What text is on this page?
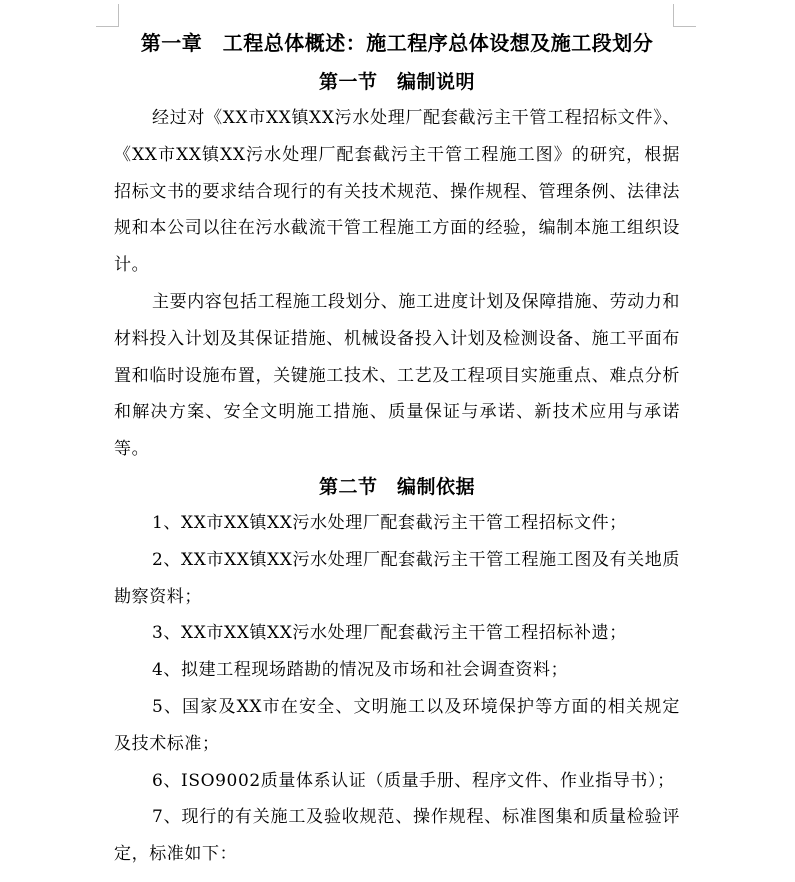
第一章　工程总体概述：施工程序总体设想及施工段划分
第一节　编制说明

经过对《XX市XX镇XX污水处理厂配套截污主干管工程招标文件》、《XX市XX镇XX污水处理厂配套截污主干管工程施工图》的研究，根据招标文书的要求结合现行的有关技术规范、操作规程、管理条例、法律法规和本公司以往在污水截流干管工程施工方面的经验，编制本施工组织设计。

主要内容包括工程施工段划分、施工进度计划及保障措施、劳动力和材料投入计划及其保证措施、机械设备投入计划及检测设备、施工平面布置和临时设施布置，关键施工技术、工艺及工程项目实施重点、难点分析和解决方案、安全文明施工措施、质量保证与承诺、新技术应用与承诺等。

第二节　编制依据

1、XX市XX镇XX污水处理厂配套截污主干管工程招标文件；

2、XX市XX镇XX污水处理厂配套截污主干管工程施工图及有关地质勘察资料；

3、XX市XX镇XX污水处理厂配套截污主干管工程招标补遗；

4、拟建工程现场踏勘的情况及市场和社会调查资料；

5、国家及XX市在安全、文明施工以及环境保护等方面的相关规定及技术标准；

6、ISO9002质量体系认证（质量手册、程序文件、作业指导书）；

7、现行的有关施工及验收规范、操作规程、标准图集和质量检验评定，标准如下：
